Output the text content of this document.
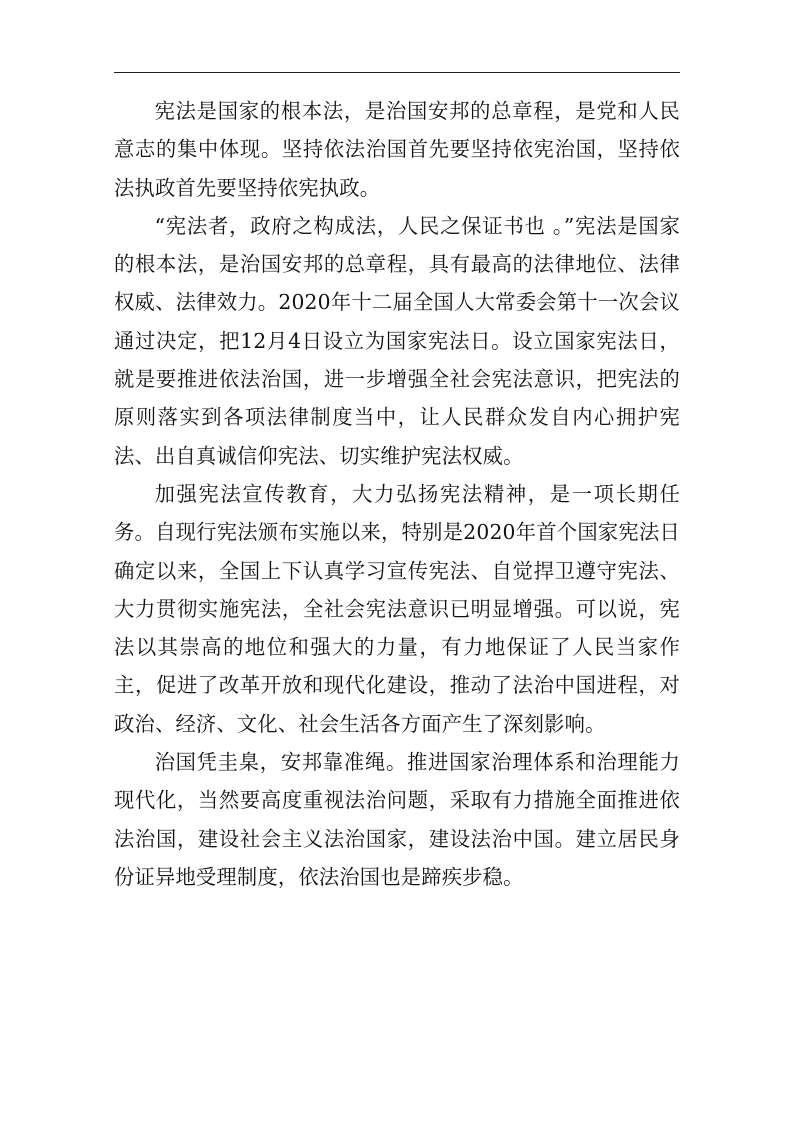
宪法是国家的根本法，是治国安邦的总章程，是党和人民意志的集中体现。坚持依法治国首先要坚持依宪治国，坚持依法执政首先要坚持依宪执政。

“宪法者，政府之构成法，人民之保证书也 。”宪法是国家的根本法，是治国安邦的总章程，具有最高的法律地位、法律权威、法律效力。2020年十二届全国人大常委会第十一次会议通过决定，把12月4日设立为国家宪法日。设立国家宪法日，就是要推进依法治国，进一步增强全社会宪法意识，把宪法的原则落实到各项法律制度当中，让人民群众发自内心拥护宪法、出自真诚信仰宪法、切实维护宪法权威。

加强宪法宣传教育，大力弘扬宪法精神，是一项长期任务。自现行宪法颁布实施以来，特别是2020年首个国家宪法日确定以来，全国上下认真学习宣传宪法、自觉捍卫遵守宪法、大力贯彻实施宪法，全社会宪法意识已明显增强。可以说，宪法以其崇高的地位和强大的力量，有力地保证了人民当家作主，促进了改革开放和现代化建设，推动了法治中国进程，对政治、经济、文化、社会生活各方面产生了深刻影响。

治国凭圭臬，安邦靠准绳。推进国家治理体系和治理能力现代化，当然要高度重视法治问题，采取有力措施全面推进依法治国，建设社会主义法治国家，建设法治中国。建立居民身份证异地受理制度，依法治国也是蹄疾步稳。
